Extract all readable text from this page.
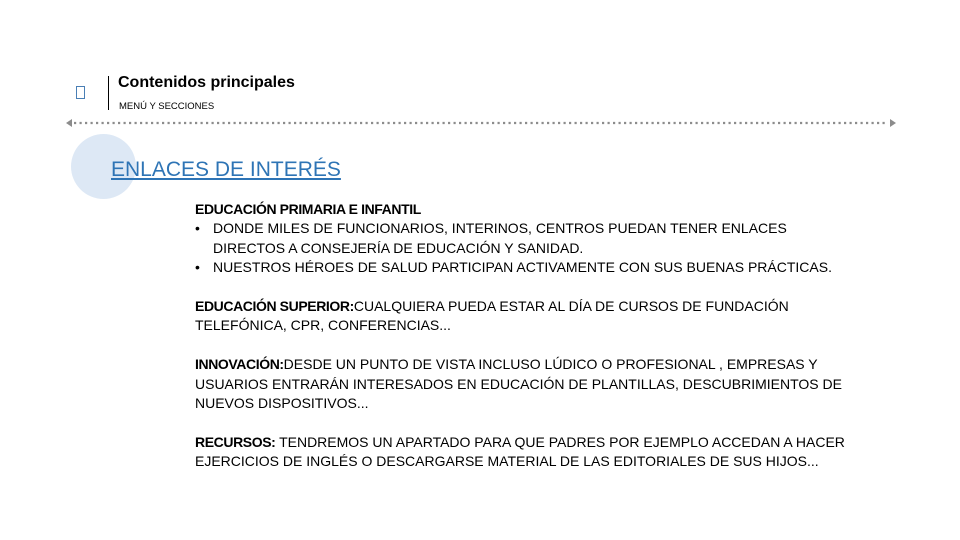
Contenidos principales
MENÚ Y SECCIONES
ENLACES DE INTERÉS

EDUCACIÓN PRIMARIA E INFANTIL

• DONDE MILES DE FUNCIONARIOS, INTERINOS, CENTROS PUEDAN TENER ENLACES DIRECTOS A CONSEJERÍA DE EDUCACIÓN Y SANIDAD.
• NUESTROS HÉROES DE SALUD PARTICIPAN ACTIVAMENTE CON SUS BUENAS PRÁCTICAS.

EDUCACIÓN SUPERIOR:CUALQUIERA PUEDA ESTAR AL DÍA DE CURSOS DE FUNDACIÓN TELEFÓNICA, CPR, CONFERENCIAS...

INNOVACIÓN:DESDE UN PUNTO DE VISTA INCLUSO LÚDICO O PROFESIONAL , EMPRESAS Y USUARIOS ENTRARÁN INTERESADOS EN EDUCACIÓN DE PLANTILLAS, DESCUBRIMIENTOS DE NUEVOS DISPOSITIVOS...

RECURSOS: TENDREMOS UN APARTADO PARA QUE PADRES POR EJEMPLO ACCEDAN A HACER EJERCICIOS DE INGLÉS O DESCARGARSE MATERIAL DE LAS EDITORIALES DE SUS HIJOS...
